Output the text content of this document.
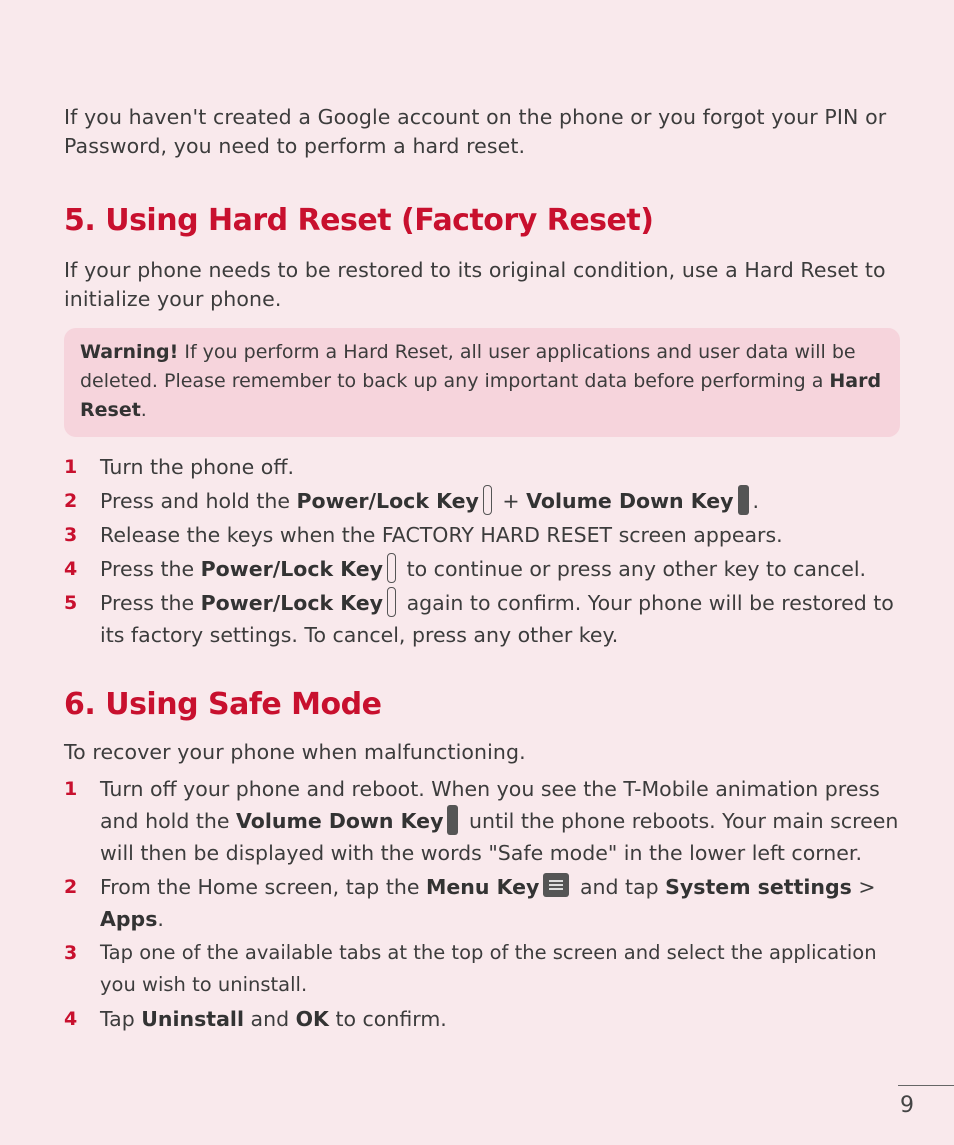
If you haven't created a Google account on the phone or you forgot your PIN or Password, you need to perform a hard reset.

5. Using Hard Reset (Factory Reset)

If your phone needs to be restored to its original condition, use a Hard Reset to initialize your phone.

Warning! If you perform a Hard Reset, all user applications and user data will be deleted. Please remember to back up any important data before performing a Hard Reset.
1 Turn the phone off.
2 Press and hold the Power/Lock Key + Volume Down Key .
3 Release the keys when the FACTORY HARD RESET screen appears.
4 Press the Power/Lock Key to continue or press any other key to cancel.
5 Press the Power/Lock Key again to confirm. Your phone will be restored to its factory settings. To cancel, press any other key.
6. Using Safe Mode

To recover your phone when malfunctioning.

1 Turn off your phone and reboot. When you see the T-Mobile animation press and hold the Volume Down Key until the phone reboots. Your main screen will then be displayed with the words "Safe mode" in the lower left corner.
2 From the Home screen, tap the Menu Key
and tap System settings > Apps.
3 Tap one of the available tabs at the top of the screen and select the application you wish to uninstall.
4 Tap Uninstall and OK to confirm.
9
